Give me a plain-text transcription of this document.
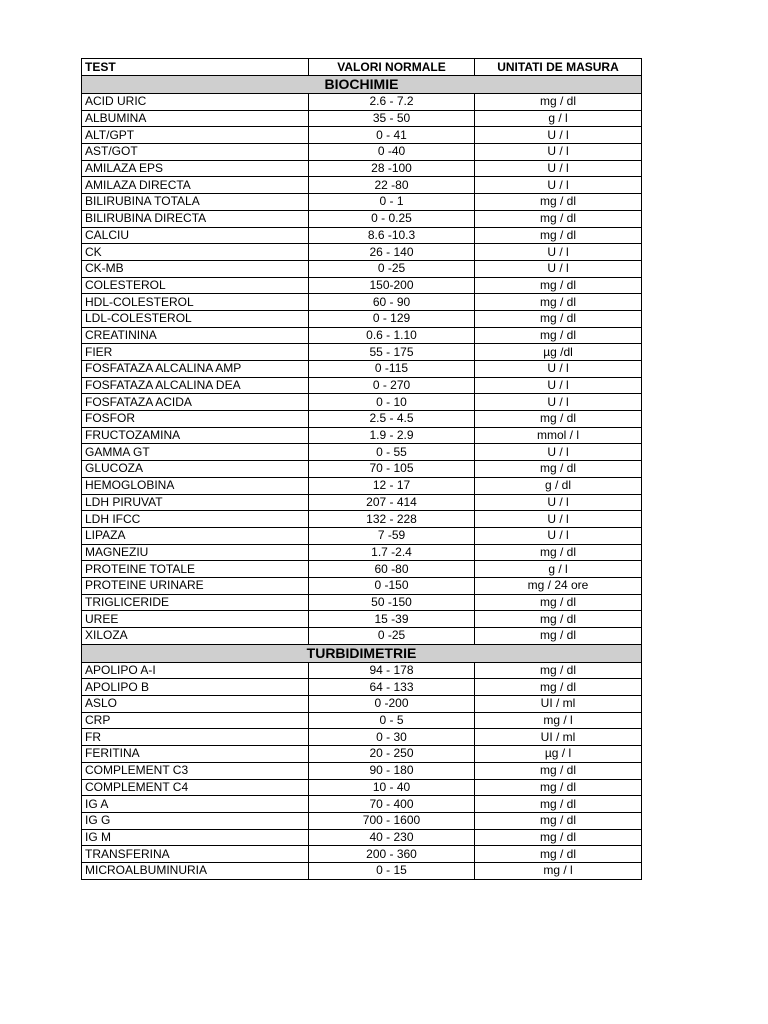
TEST	VALORI NORMALE	UNITATI DE MASURA
BIOCHIMIE		
ACID URIC	2.6 - 7.2	mg / dl
ALBUMINA	35 - 50	g / l
ALT/GPT	0 - 41	U / l
AST/GOT	0 -40	U / l
AMILAZA EPS	28 -100	U / l
AMILAZA DIRECTA	22 -80	U / l
BILIRUBINA TOTALA	0 - 1	mg / dl
BILIRUBINA DIRECTA	0 - 0.25	mg / dl
CALCIU	8.6 -10.3	mg / dl
CK	26 - 140	U / l
CK-MB	0 -25	U / l
COLESTEROL	150-200	mg / dl
HDL-COLESTEROL	60 - 90	mg / dl
LDL-COLESTEROL	0 - 129	mg / dl
CREATININA	0.6 - 1.10	mg / dl
FIER	55 - 175	µg /dl
FOSFATAZA ALCALINA AMP	0 -115	U / l
FOSFATAZA ALCALINA DEA	0 - 270	U / l
FOSFATAZA ACIDA	0 - 10	U / l
FOSFOR	2.5 - 4.5	mg / dl
FRUCTOZAMINA	1.9 - 2.9	mmol / l
GAMMA GT	0 - 55	U / l
GLUCOZA	70 - 105	mg / dl
HEMOGLOBINA	12 - 17	g / dl
LDH PIRUVAT	207 - 414	U / l
LDH IFCC	132 - 228	U / l
LIPAZA	7 -59	U / l
MAGNEZIU	1.7 -2.4	mg / dl
PROTEINE TOTALE	60 -80	g / l
PROTEINE URINARE	0 -150	mg / 24 ore
TRIGLICERIDE	50 -150	mg / dl
UREE	15 -39	mg / dl
XILOZA	0 -25	mg / dl
TURBIDIMETRIE		
APOLIPO A-I	94 - 178	mg / dl
APOLIPO B	64 - 133	mg / dl
ASLO	0 -200	UI / ml
CRP	0 - 5	mg / l
FR	0 - 30	UI / ml
FERITINA	20 - 250	µg / l
COMPLEMENT C3	90 - 180	mg / dl
COMPLEMENT C4	10 - 40	mg / dl
IG A	70 - 400	mg / dl
IG G	700 - 1600	mg / dl
IG M	40 - 230	mg / dl
TRANSFERINA	200 - 360	mg / dl
MICROALBUMINURIA	0 - 15	mg / l
